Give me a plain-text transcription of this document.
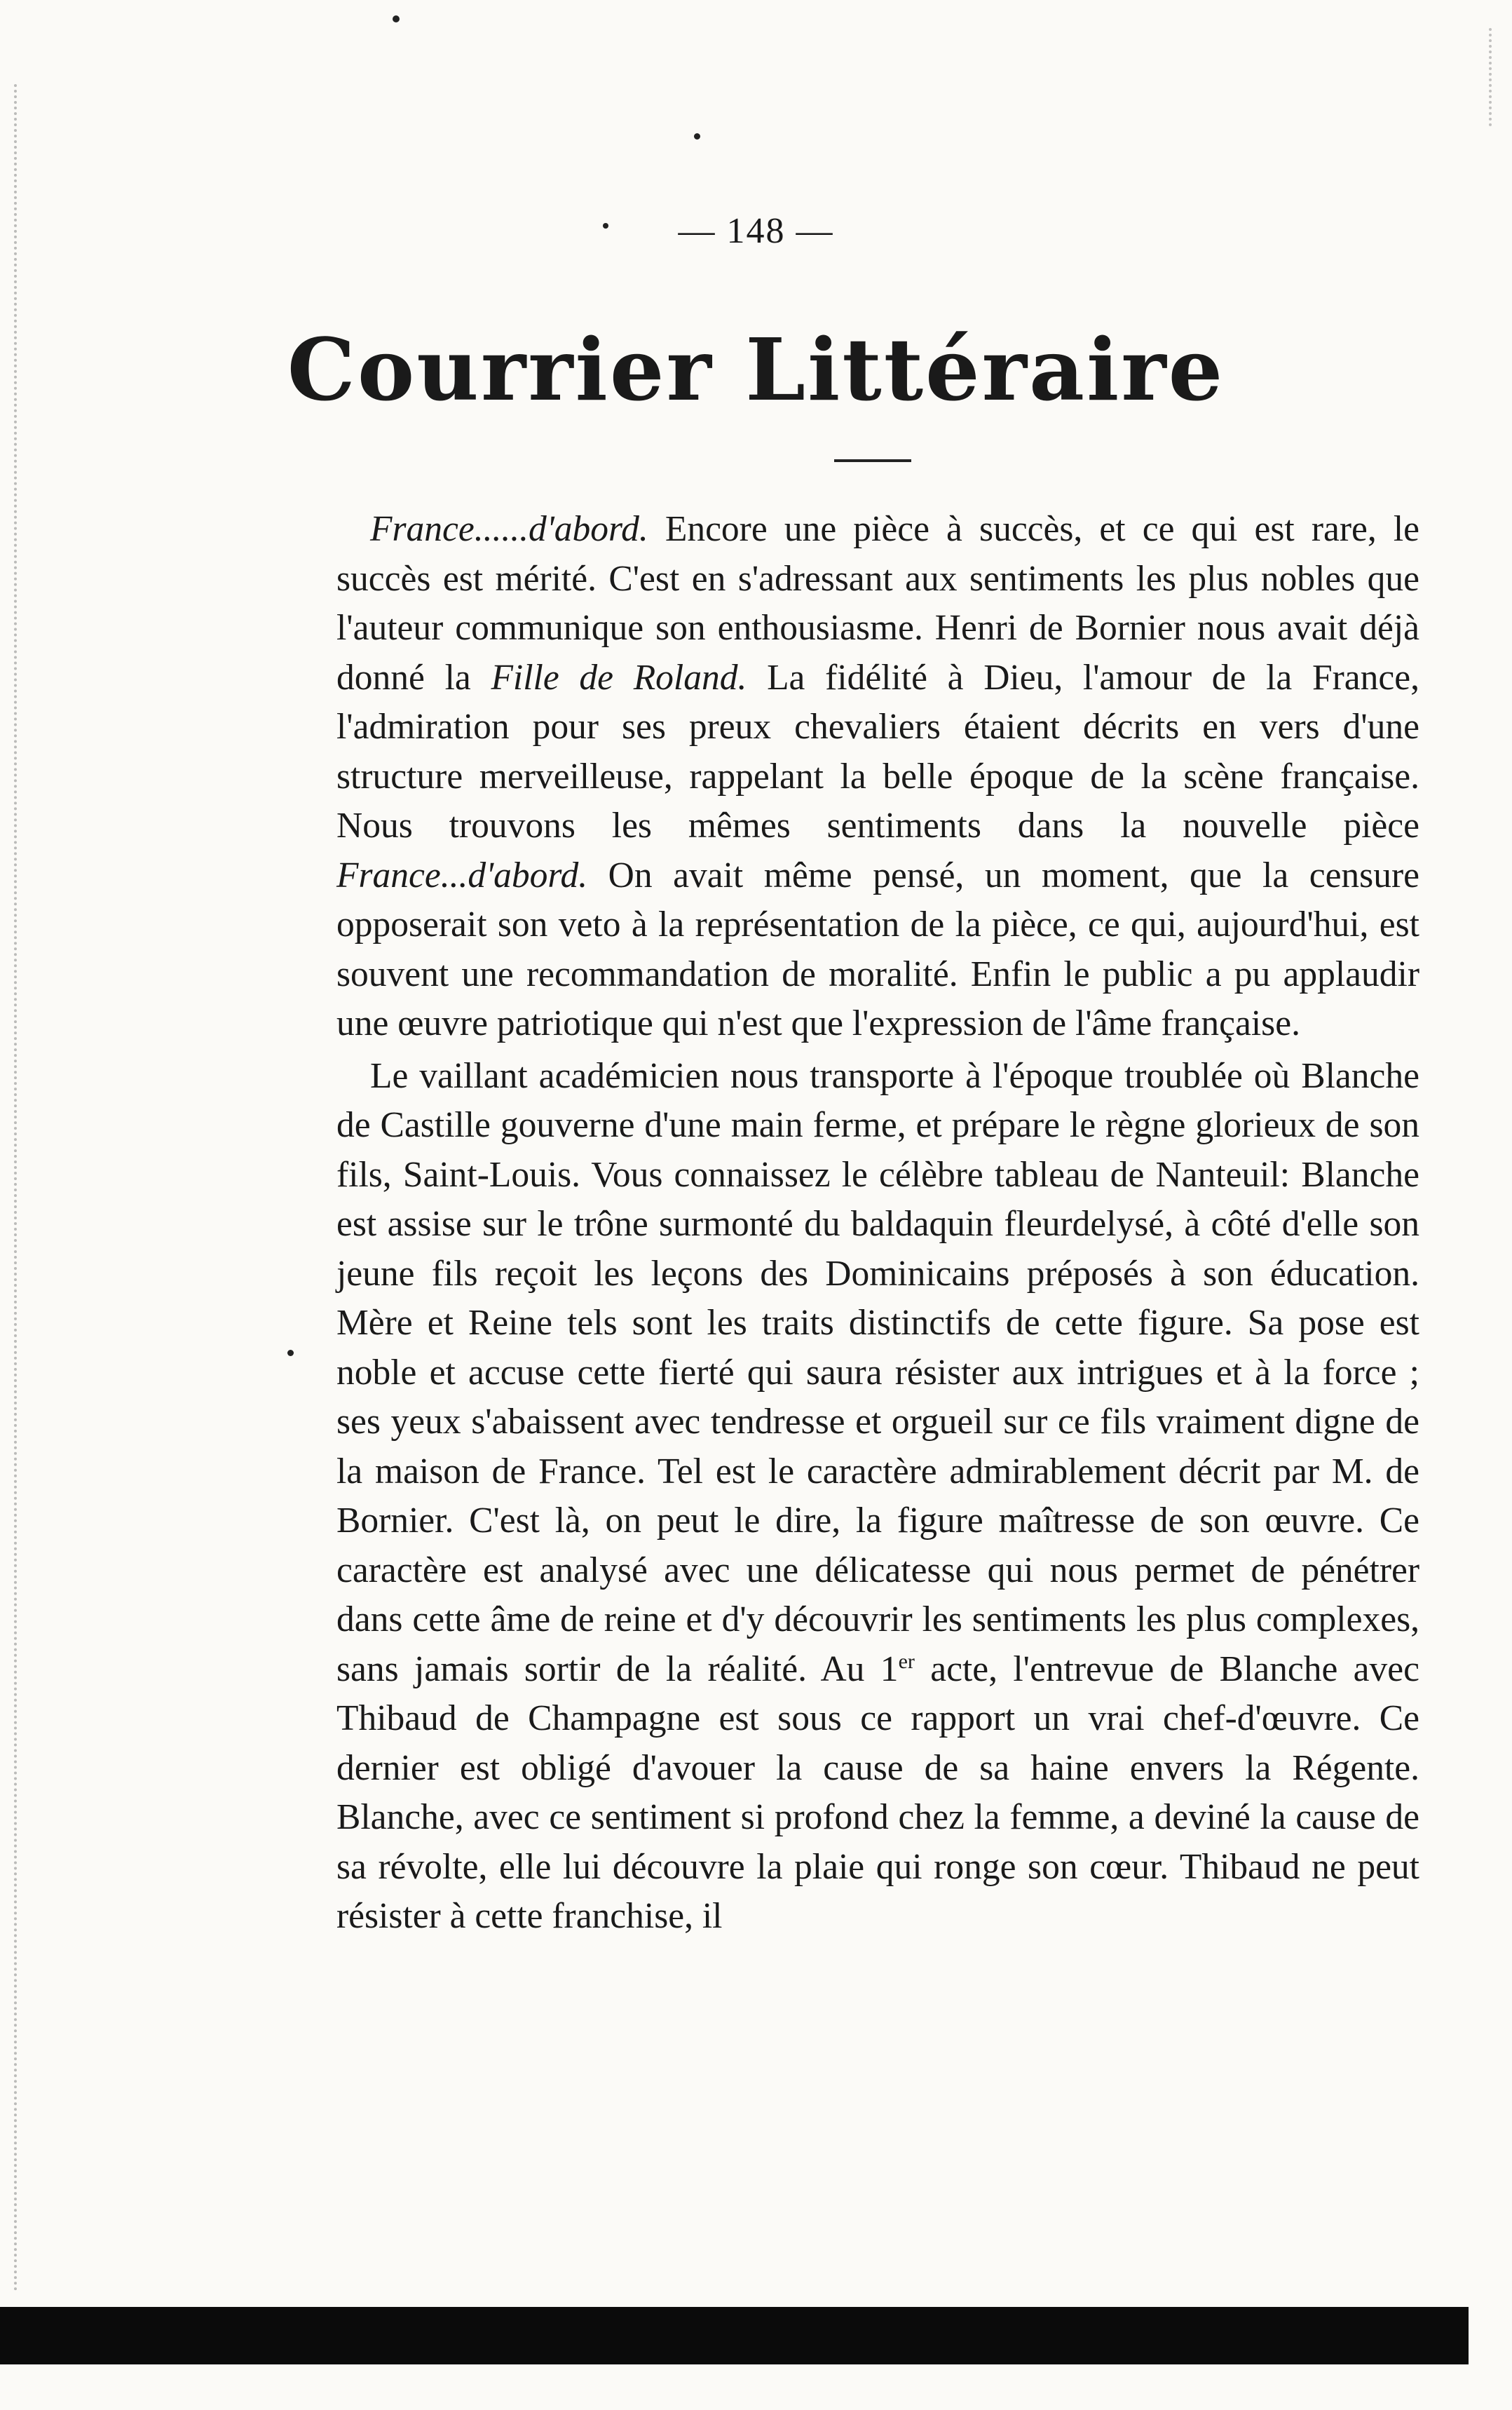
— 148 —
Courrier Littéraire

France......d'abord. Encore une pièce à succès, et ce qui est rare, le succès est mérité. C'est en s'adressant aux sentiments les plus nobles que l'auteur communique son enthousiasme. Henri de Bornier nous avait déjà donné la Fille de Roland. La fidélité à Dieu, l'amour de la France, l'admiration pour ses preux chevaliers étaient décrits en vers d'une structure merveilleuse, rappelant la belle époque de la scène française. Nous trouvons les mêmes sentiments dans la nouvelle pièce France...d'abord. On avait même pensé, un moment, que la censure opposerait son veto à la représentation de la pièce, ce qui, aujourd'hui, est souvent une recommandation de moralité. Enfin le public a pu applaudir une œuvre patriotique qui n'est que l'expression de l'âme française.

Le vaillant académicien nous transporte à l'époque troublée où Blanche de Castille gouverne d'une main ferme, et prépare le règne glorieux de son fils, Saint-Louis. Vous connaissez le célèbre tableau de Nanteuil: Blanche est assise sur le trône surmonté du baldaquin fleurdelysé, à côté d'elle son jeune fils reçoit les leçons des Dominicains préposés à son éducation. Mère et Reine tels sont les traits distinctifs de cette figure. Sa pose est noble et accuse cette fierté qui saura résister aux intrigues et à la force ; ses yeux s'abaissent avec tendresse et orgueil sur ce fils vraiment digne de la maison de France. Tel est le caractère admirablement décrit par M. de Bornier. C'est là, on peut le dire, la figure maîtresse de son œuvre. Ce caractère est analysé avec une délicatesse qui nous permet de pénétrer dans cette âme de reine et d'y découvrir les sentiments les plus complexes, sans jamais sortir de la réalité. Au 1er acte, l'entrevue de Blanche avec Thibaud de Champagne est sous ce rapport un vrai chef-d'œuvre. Ce dernier est obligé d'avouer la cause de sa haine envers la Régente. Blanche, avec ce sentiment si profond chez la femme, a deviné la cause de sa révolte, elle lui découvre la plaie qui ronge son cœur. Thibaud ne peut résister à cette franchise, il
